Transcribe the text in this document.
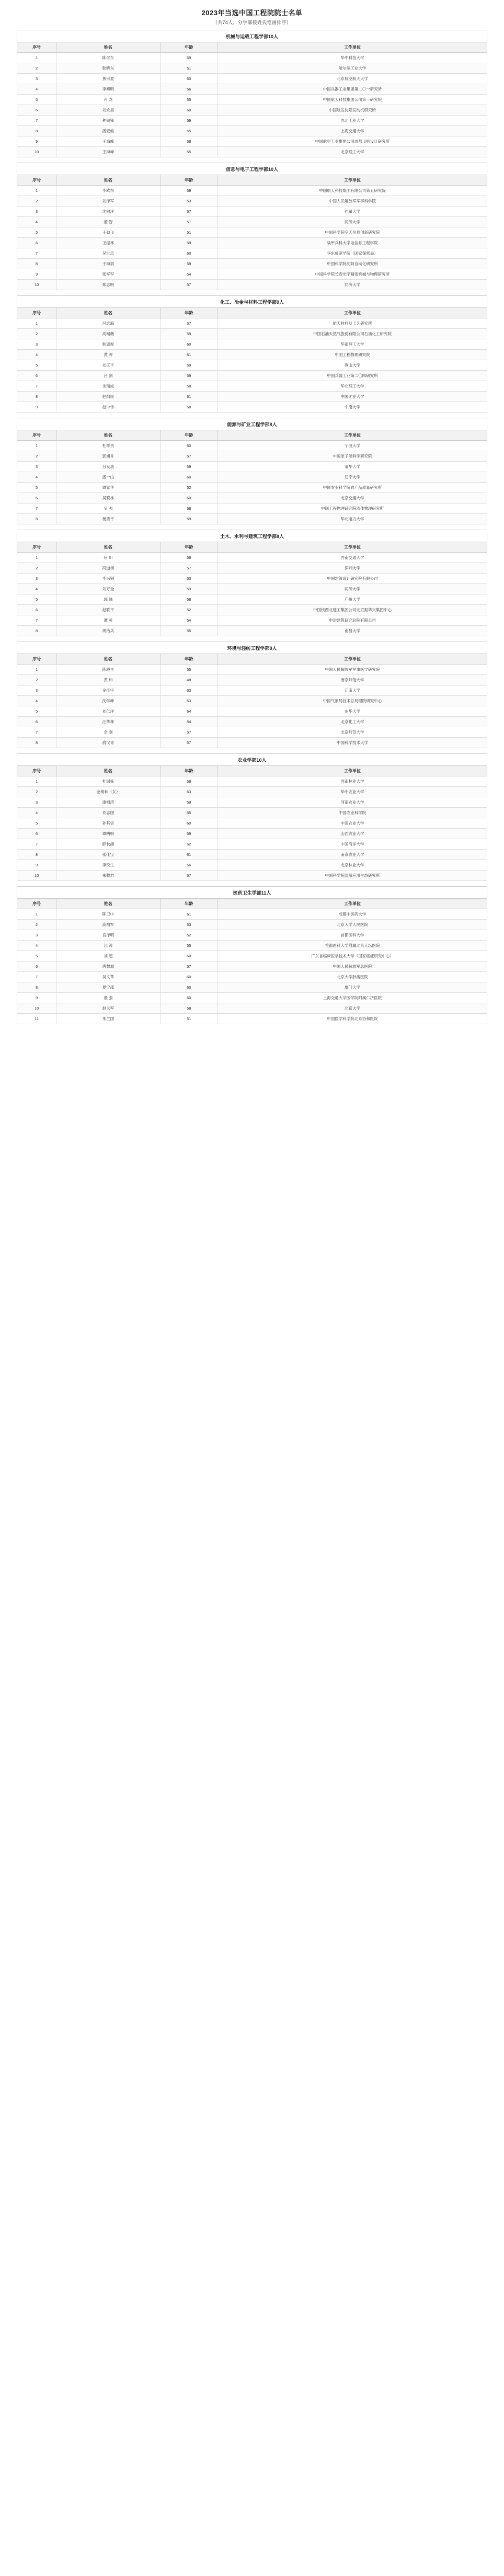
2023年当选中国工程院院士名单
（共74人，分学部按姓氏笔画排序）
机械与运载工程学部10人
序号	姓名	年龄	工作单位
1	陈学东	59	华中科技大学
2	韩晓东	51	哈尔滨工业大学
3	焦宗夏	60	北京航空航天大学
4	李卿明	56	中国兵器工业集团第二〇一研究所
5	肖 龙	55	中国航天科技集团公司第一研究院
6	刘永泉	60	中国航发沈阳发动机研究所
7	种铁锋	59	西北工业大学
8	潘宏仙	55	上海交通大学
9	王海峰	58	中国航空工业集团公司成都飞机设计研究所
10	王海峰	55	北京理工大学
信息与电子工程学部10人
序号	姓名	年龄	工作单位
1	李欧东	59	中国航天科技集团有限公司第五研究院
2	刘泽军	53	中国人民解放军军事科学院
3	沈向洋	57	西藏大学
4	董 智	51	同济大学
5	王劲飞	51	中国科学院空天信息创新研究院
6	王振林	59	装甲兵科大学电信息工程学院
7	吴世忠	60	华东师范学院（国家保密局）
8	于海斌	59	中国科学院沈阳自动化研究所
9	张军军	54	中国科学院长春光学精密机械与物理研究所
10	郑志明	57	同济大学
化工、冶金与材料工程学部9人
序号	姓名	年龄	工作单位
1	冯志海	57	航天材料及工艺研究所
2	高端薇	59	中国石油天然气股份有限公司石油化工研究院
3	韩恩厚	60	华南理工大学
4	黄 晖	61	中国工程物理研究院
5	刘正平	59	燕山大学
6	吕 剑	59	中国兵器工业第二〇四研究所
7	余瑞成	58	华北理工大学
8	赵纲民	61	中国矿业大学
9	赵中伟	58	中南大学
能源与矿业工程学部8人
序号	姓名	年龄	工作单位
1	杜祥贵	60	宁波大学
2	郭旭升	57	中国原子能科学研究院
3	吕良惠	59	清华大学
4	潘一山	60	辽宁大学
5	谭家华	52	中国农业科学院农产品质量研究所
6	吴繁林	60	北京交通大学
7	吴 强	58	中国工程物理研究院流体物理研究所
8	杨勇平	59	华北电力大学
土木、水利与建筑工程学部8人
序号	姓名	年龄	工作单位
1	何 川	58	西南交通大学
2	冯道杨	57	深圳大学
3	李兴钢	53	中国建筑设计研究院有限公司
4	刘万全	59	同济大学
5	郭 韩	58	广州大学
6	赵联平	52	中国核西北建工集团公司北京振华兴集团中心
7	谭 英	54	中冶建筑研究总院有限公司
8	周治兵	55	南昌大学
环境与轻纺工程学部8人
序号	姓名	年龄	工作单位
1	陈殿生	55	中国人民解放军军事医学研究院
2	黄 和	48	南京师范大学
3	金征宇	63	江南大学
4	沈学峰	53	中国气象局技术总局理院研究中心
5	刘仁洋	64	东华大学
6	汪华林	54	北京化工大学
7	余 刚	57	北京师范大学
8	俞汉青	57	中国科学技术大学
农业学部10人
序号	姓名	年龄	工作单位
1	杜国栋	59	西南林业大学
2	金梅林（女）	63	华中农业大学
3	康相涛	59	河南农业大学
4	刘志国	55	中国农业科学院
5	孙其信	60	中国农业大学
6	谭明明	59	山西农业大学
7	薛长湖	62	中国海洋大学
8	张佳宝	61	南京农业大学
9	李锐生	56	北京林业大学
10	朱教君	57	中国科学院沈阳应用生态研究所
医药卫生学部11人
序号	姓名	年龄	工作单位
1	陈卫中	61	成都中医药大学
2	高福军	53	北京大学人民医院
3	官泽明	52	首都医科大学
4	江 涛	55	首都医科大学附属北京天坛医院
5	刘 超	60	广东省临床医学技术大学（国家癌症研究中心）
6	唐慧斌	57	中国人民解放军总医院
7	吴文革	60	北京大学肿瘤医院
8	夏宁邵	60	厦门大学
9	董 强	60	上海交通大学医学院附属仁济医院
10	赵大军	58	北京大学
11	朱兰国	51	中国医学科学院北京协和医院
